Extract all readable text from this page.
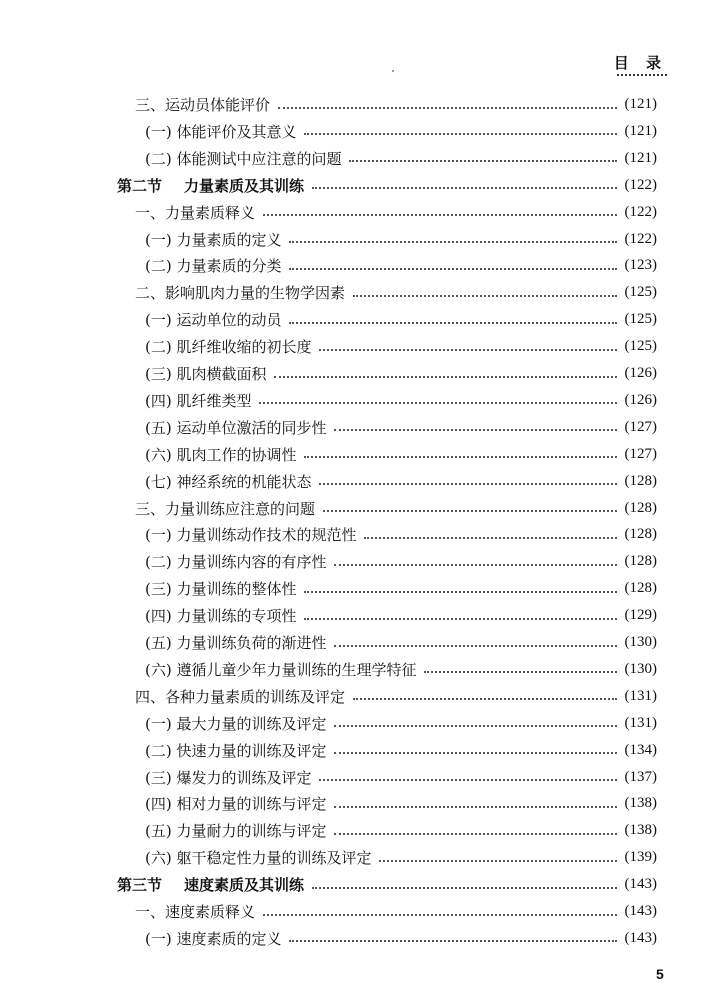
目 录
三、运动员体能评价	(121)
(一) 体能评价及其意义	(121)
(二) 体能测试中应注意的问题	(121)
第二节 力量素质及其训练	(122)
一、力量素质释义	(122)
(一) 力量素质的定义	(122)
(二) 力量素质的分类	(123)
二、影响肌肉力量的生物学因素	(125)
(一) 运动单位的动员	(125)
(二) 肌纤维收缩的初长度	(125)
(三) 肌肉横截面积	(126)
(四) 肌纤维类型	(126)
(五) 运动单位激活的同步性	(127)
(六) 肌肉工作的协调性	(127)
(七) 神经系统的机能状态	(128)
三、力量训练应注意的问题	(128)
(一) 力量训练动作技术的规范性	(128)
(二) 力量训练内容的有序性	(128)
(三) 力量训练的整体性	(128)
(四) 力量训练的专项性	(129)
(五) 力量训练负荷的渐进性	(130)
(六) 遵循儿童少年力量训练的生理学特征	(130)
四、各种力量素质的训练及评定	(131)
(一) 最大力量的训练及评定	(131)
(二) 快速力量的训练及评定	(134)
(三) 爆发力的训练及评定	(137)
(四) 相对力量的训练与评定	(138)
(五) 力量耐力的训练与评定	(138)
(六) 躯干稳定性力量的训练及评定	(139)
第三节 速度素质及其训练	(143)
一、速度素质释义	(143)
(一) 速度素质的定义	(143)
5
